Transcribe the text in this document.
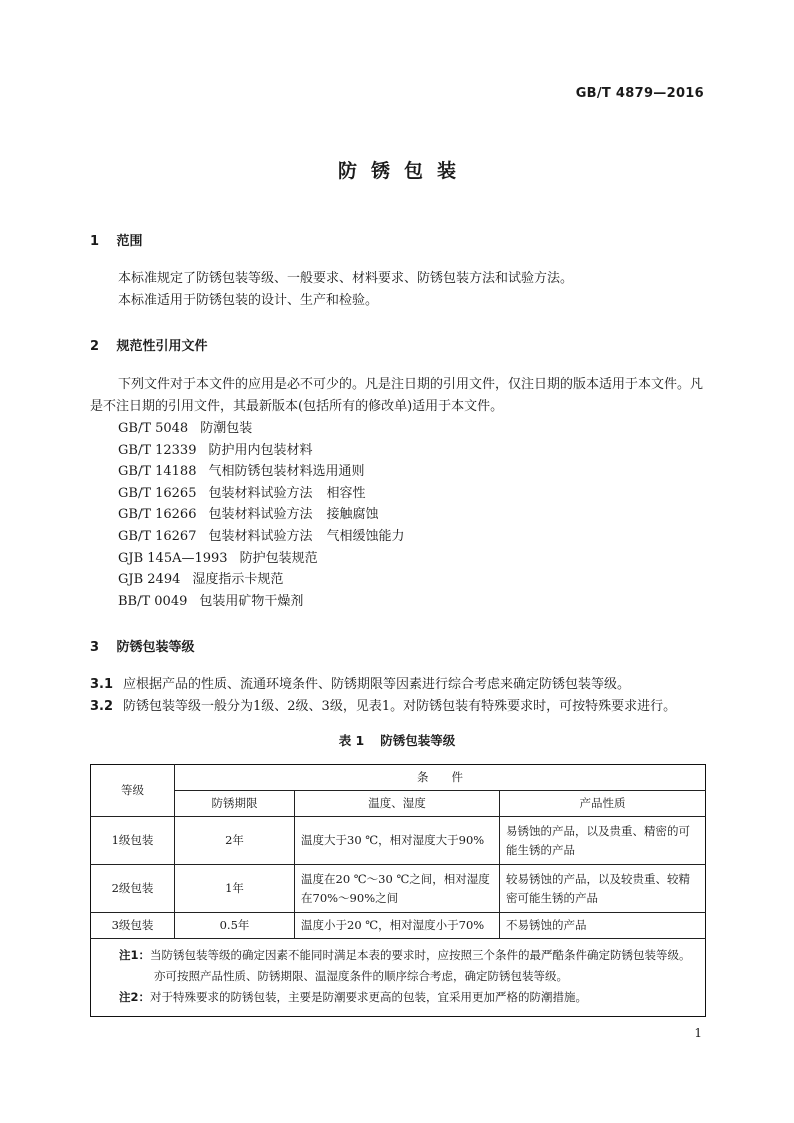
GB/T 4879—2016
防锈包装
1 范围
本标准规定了防锈包装等级、一般要求、材料要求、防锈包装方法和试验方法。
本标准适用于防锈包装的设计、生产和检验。
2 规范性引用文件
下列文件对于本文件的应用是必不可少的。凡是注日期的引用文件，仅注日期的版本适用于本文件。凡是不注日期的引用文件，其最新版本(包括所有的修改单)适用于本文件。
GB/T 5048 防潮包装
GB/T 12339 防护用内包装材料
GB/T 14188 气相防锈包装材料选用通则
GB/T 16265 包装材料试验方法 相容性
GB/T 16266 包装材料试验方法 接触腐蚀
GB/T 16267 包装材料试验方法 气相缓蚀能力
GJB 145A—1993 防护包装规范
GJB 2494 湿度指示卡规范
BB/T 0049 包装用矿物干燥剂
3 防锈包装等级
3.1 应根据产品的性质、流通环境条件、防锈期限等因素进行综合考虑来确定防锈包装等级。
3.2 防锈包装等级一般分为1级、2级、3级，见表1。对防锈包装有特殊要求时，可按特殊要求进行。
表 1 防锈包装等级
等级	条　　件		
	防锈期限	温度、湿度	产品性质
1级包装	2年	温度大于30 ℃，相对湿度大于90%	易锈蚀的产品，以及贵重、精密的可能生锈的产品
2级包装	1年	温度在20 ℃～30 ℃之间，相对湿度在70%～90%之间	较易锈蚀的产品，以及较贵重、较精密可能生锈的产品
3级包装	0.5年	温度小于20 ℃，相对湿度小于70%	不易锈蚀的产品

注1：当防锈包装等级的确定因素不能同时满足本表的要求时，应按照三个条件的最严酷条件确定防锈包装等级。亦可按照产品性质、防锈期限、温湿度条件的顺序综合考虑，确定防锈包装等级。
注2：对于特殊要求的防锈包装，主要是防潮要求更高的包装，宜采用更加严格的防潮措施。			
1
